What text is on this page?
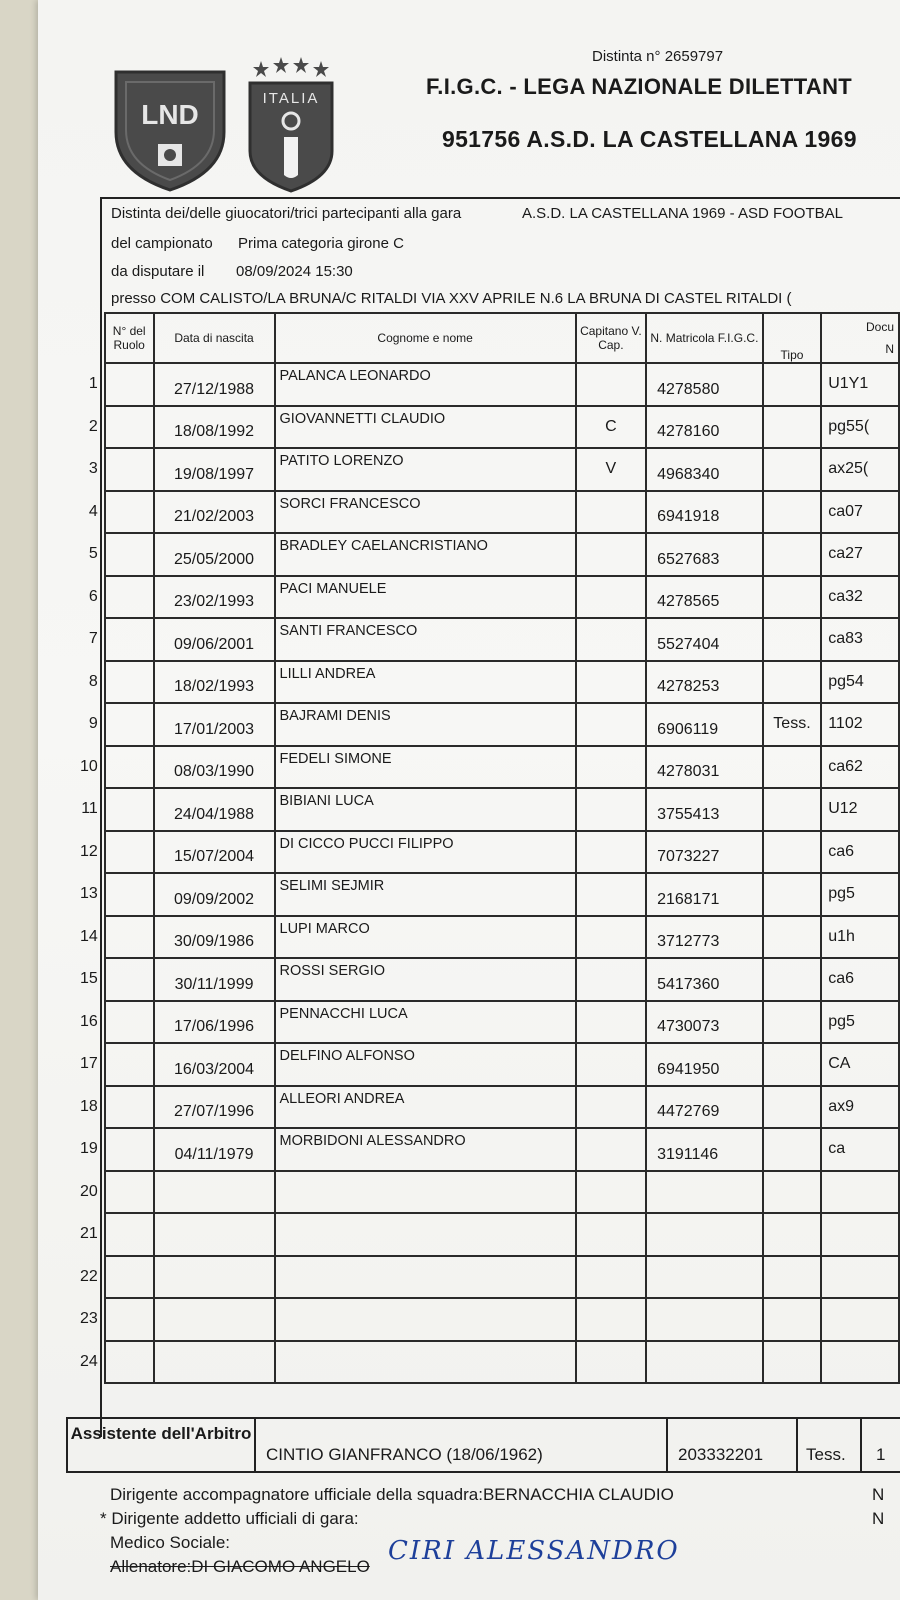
LND
ITALIA
Distinta n° 2659797
F.I.G.C. - LEGA NAZIONALE DILETTANT
951756 A.S.D. LA CASTELLANA 1969
Distinta dei/delle giuocatori/trici partecipanti alla gara	A.S.D. LA CASTELLANA 1969 - ASD FOOTBAL
del campionato Prima categoria girone C
da disputare il 08/09/2024 15:30
presso COM CALISTO/LA BRUNA/C RITALDI VIA XXV APRILE N.6 LA BRUNA DI CASTEL RITALDI (
	N° del Ruolo	Data di nascita	Cognome e nome	Capitano V. Cap.	N. Matricola F.I.G.C.	Tipo	Docu
N

1		27/12/1988	PALANCA LEONARDO		4278580		U1Y1
2		18/08/1992	GIOVANNETTI CLAUDIO	C	4278160		pg55(
3		19/08/1997	PATITO LORENZO	V	4968340		ax25(
4		21/02/2003	SORCI FRANCESCO		6941918		ca07
5		25/05/2000	BRADLEY CAELANCRISTIANO		6527683		ca27
6		23/02/1993	PACI MANUELE		4278565		ca32
7		09/06/2001	SANTI FRANCESCO		5527404		ca83
8		18/02/1993	LILLI ANDREA		4278253		pg54
9		17/01/2003	BAJRAMI DENIS		6906119	Tess.	1102
10		08/03/1990	FEDELI SIMONE		4278031		ca62
11		24/04/1988	BIBIANI LUCA		3755413		U12
12		15/07/2004	DI CICCO PUCCI FILIPPO		7073227		ca6
13		09/09/2002	SELIMI SEJMIR		2168171		pg5
14		30/09/1986	LUPI MARCO		3712773		u1h
15		30/11/1999	ROSSI SERGIO		5417360		ca6
16		17/06/1996	PENNACCHI LUCA		4730073		pg5
17		16/03/2004	DELFINO ALFONSO		6941950		CA
18		27/07/1996	ALLEORI ANDREA		4472769		ax9
19		04/11/1979	MORBIDONI ALESSANDRO		3191146		ca
20							
21							
22							
23							
24							
Assistente dell'Arbitro
CINTIO GIANFRANCO (18/06/1962)	203332201	Tess.	1
Dirigente accompagnatore ufficiale della squadra:BERNACCHIA CLAUDIO
* Dirigente addetto ufficiali di gara:
CIRI ALESSANDRO
Medico Sociale:
Allenatore:DI GIACOMO ANGELO
N
N
